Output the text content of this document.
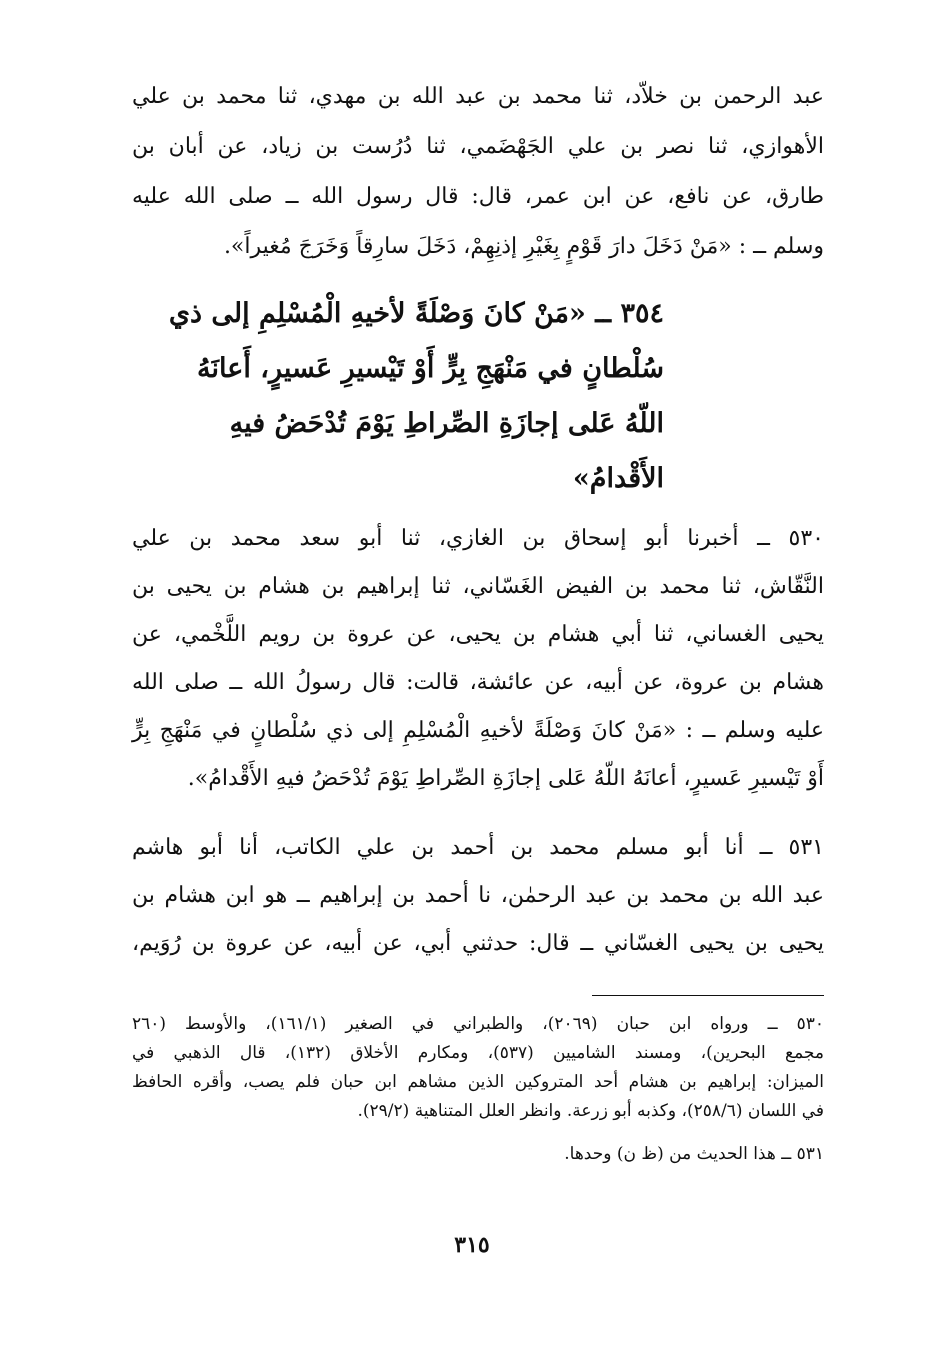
عبد الرحمن بن خلاّد، ثنا محمد بن عبد الله بن مهدي، ثنا محمد بن علي
الأهوازي، ثنا نصر بن علي الجَهْضَمي، ثنا دُرُست بن زياد، عن أبان بن
طارق، عن نافع، عن ابن عمر، قال: قال رسول الله ــ صلى الله عليه
وسلم ــ : «مَنْ دَخَلَ دارَ قَوْمٍ بِغَيْرِ إذنِهِمْ، دَخَلَ سارِقاً وَخَرَجَ مُغيراً».
٣٥٤ ــ «مَنْ كانَ وَصْلَةً لأخيهِ الْمُسْلِمِ إلى ذي
سُلْطانٍ في مَنْهَجِ بِرٍّ أَوْ تَيْسيرِ عَسيرٍ، أَعانَهُ
اللّهُ عَلى إجازَةِ الصِّراطِ يَوْمَ تُدْحَضُ فيهِ
الأَقْدامُ»
٥٣٠ ــ أخبرنا أبو إسحاق بن الغازي، ثنا أبو سعد محمد بن علي
النَّقّاش، ثنا محمد بن الفيض الغَسّاني، ثنا إبراهيم بن هشام بن يحيى بن
يحيى الغساني، ثنا أبي هشام بن يحيى، عن عروة بن رويم اللَّخْمي، عن
هشام بن عروة، عن أبيه، عن عائشة، قالت: قال رسولُ الله ــ صلى الله
عليه وسلم ــ : «مَنْ كانَ وَصْلَةً لأخيهِ الْمُسْلِمِ إلى ذي سُلْطانٍ في مَنْهَجِ بِرٍّ
أَوْ تَيْسيرِ عَسيرٍ، أعانَهُ اللّهُ عَلى إجازَةِ الصِّراطِ يَوْمَ تُدْحَضُ فيهِ الأَقْدامُ».
٥٣١ ــ أنا أبو مسلم محمد بن أحمد بن علي الكاتب، أنا أبو هاشم
عبد الله بن محمد بن عبد الرحمٰن، نا أحمد بن إبراهيم ــ هو ابن هشام بن
يحيى بن يحيى الغسّاني ــ قال: حدثني أبي، عن أبيه، عن عروة بن رُوَيم،
٥٣٠ ــ ورواه ابن حبان (٢٠٦٩)، والطبراني في الصغير (١٦١/١)، والأوسط (٢٦٠
مجمع البحرين)، ومسند الشامیین (٥٣٧)، ومكارم الأخلاق (١٣٢)، قال الذهبي في
الميزان: إبراهيم بن هشام أحد المتروكين الذين مشاهم ابن حبان فلم يصب، وأقره الحافظ
في اللسان (٢٥٨/٦)، وكذبه أبو زرعة. وانظر العلل المتناهية (٢٩/٢).
٥٣١ ــ هذا الحديث من (ظ ن) وحدها.
٣١٥
